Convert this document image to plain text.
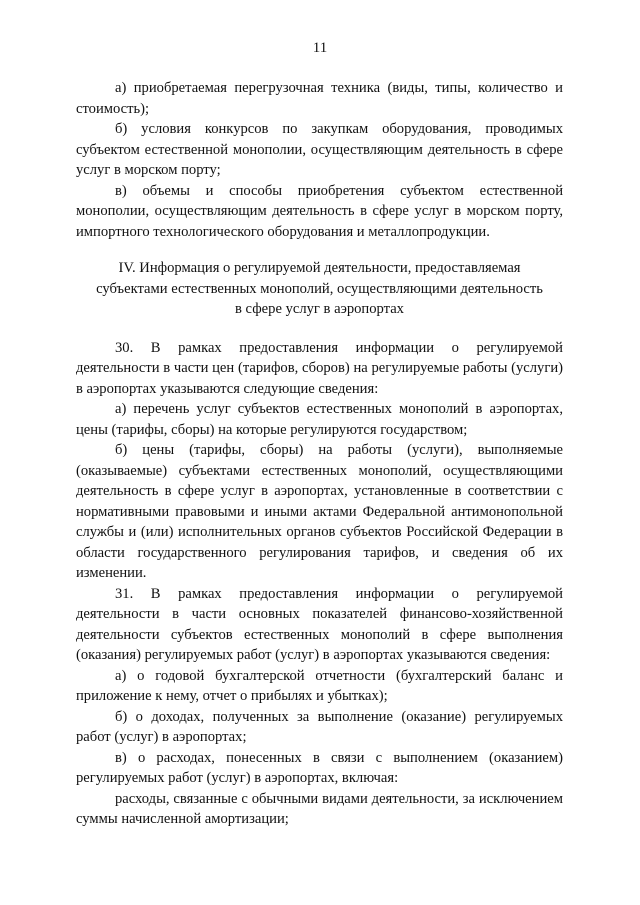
11

а) приобретаемая перегрузочная техника (виды, типы, количество и стоимость);

б) условия конкурсов по закупкам оборудования, проводимых субъектом естественной монополии, осуществляющим деятельность в сфере услуг в морском порту;

в) объемы и способы приобретения субъектом естественной монополии, осуществляющим деятельность в сфере услуг в морском порту, импортного технологического оборудования и металлопродукции.

IV. Информация о регулируемой деятельности, предоставляемая
субъектами естественных монополий, осуществляющими деятельность
в сфере услуг в аэропортах

30. В рамках предоставления информации о регулируемой деятельности в части цен (тарифов, сборов) на регулируемые работы (услуги) в аэропортах указываются следующие сведения:

а) перечень услуг субъектов естественных монополий в аэропортах, цены (тарифы, сборы) на которые регулируются государством;

б) цены (тарифы, сборы) на работы (услуги), выполняемые (оказываемые) субъектами естественных монополий, осуществляющими деятельность в сфере услуг в аэропортах, установленные в соответствии с нормативными правовыми и иными актами Федеральной антимонопольной службы и (или) исполнительных органов субъектов Российской Федерации в области государственного регулирования тарифов, и сведения об их изменении.

31. В рамках предоставления информации о регулируемой деятельности в части основных показателей финансово-хозяйственной деятельности субъектов естественных монополий в сфере выполнения (оказания) регулируемых работ (услуг) в аэропортах указываются сведения:

а) о годовой бухгалтерской отчетности (бухгалтерский баланс и приложение к нему, отчет о прибылях и убытках);

б) о доходах, полученных за выполнение (оказание) регулируемых работ (услуг) в аэропортах;

в) о расходах, понесенных в связи с выполнением (оказанием) регулируемых работ (услуг) в аэропортах, включая:

расходы, связанные с обычными видами деятельности, за исключением суммы начисленной амортизации;
